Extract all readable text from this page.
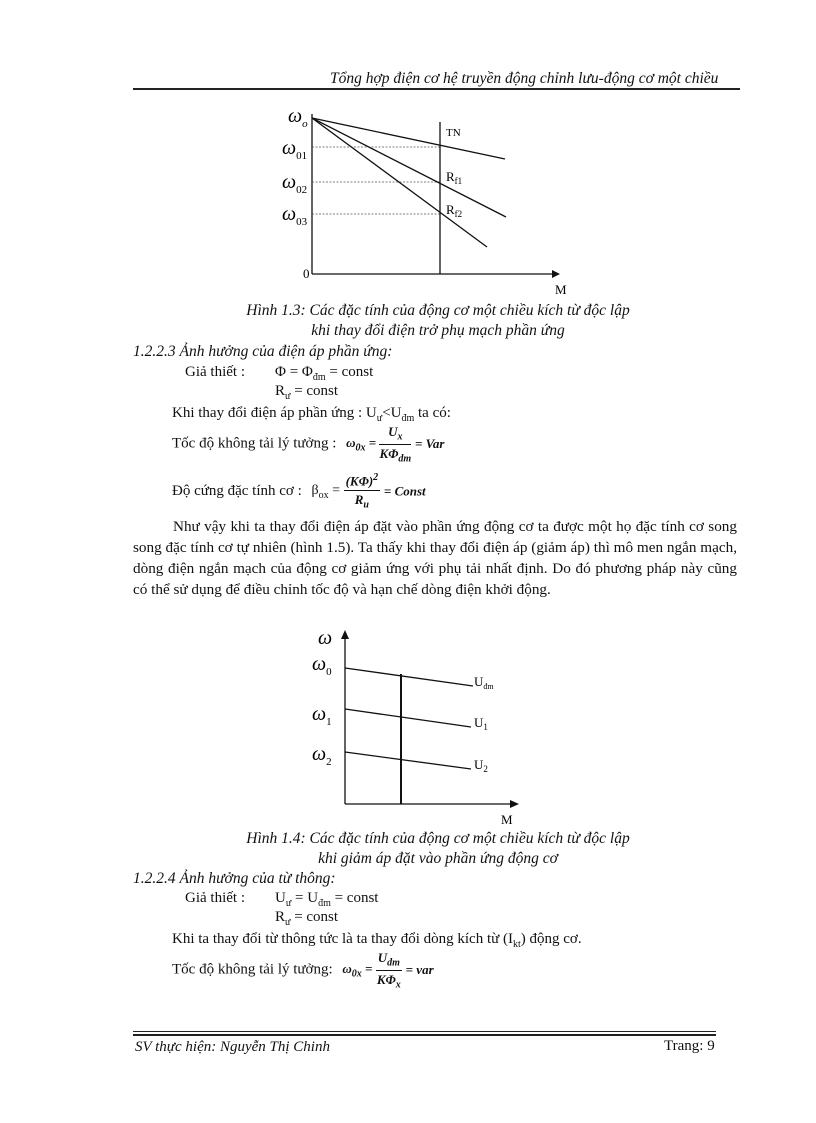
Tổng hợp điện cơ hệ truyền động chỉnh lưu-động cơ một chiều
$\omega_o$
$\omega_{01}$
$\omega_{02}$
$\omega_{03}$
0
M
TN
$R_{f1}$
$R_{f2}$
Hình 1.3: Các đặc tính của động cơ một chiều kích từ độc lập
khi thay đổi điện trở phụ mạch phần ứng
1.2.2.3 Ảnh hưởng của điện áp phần ứng:
Giả thiết : $\Phi = \Phi_{đm}$ = const
$R_ư$ = const
Khi thay đổi điện áp phần ứng : $U_ư<U_{đm}$ ta có:
Tốc độ không tải lý tưởng : $\omega_{0x} = \frac{U_x}{K\Phi_{dm}}$ = Var
Độ cứng đặc tính cơ : $\beta_{ox} = \frac{(K\Phi)^2}{R_u}$ = Const
Như vậy khi ta thay đổi điện áp đặt vào phần ứng động cơ ta được một họ đặc tính cơ song song đặc tính cơ tự nhiên (hình 1.5). Ta thấy khi thay đổi điện áp (giảm áp) thì mô men ngắn mạch, dòng điện ngắn mạch của động cơ giảm ứng với phụ tải nhất định. Do đó phương pháp này cũng có thể sử dụng để điều chỉnh tốc độ và hạn chế dòng điện khởi động.
ω
$\omega_0$
$\omega_1$
$\omega_2$
M
$U_{đm}$
$U_1$
$U_2$
Hình 1.4: Các đặc tính của động cơ một chiều kích từ độc lập
khi giảm áp đặt vào phần ứng động cơ
1.2.2.4 Ảnh hưởng của từ thông:
Giả thiết : $U_ư = U_{đm}$ = const
$R_ư$ = const
Khi ta thay đổi từ thông tức là ta thay đổi dòng kích từ $(I_{kt})$ động cơ.
Tốc độ không tải lý tưởng: $\omega_{0x} = \frac{U_{dm}}{K\Phi_x}$ = var
SV thực hiện: Nguyễn Thị Chinh	Trang: 9
